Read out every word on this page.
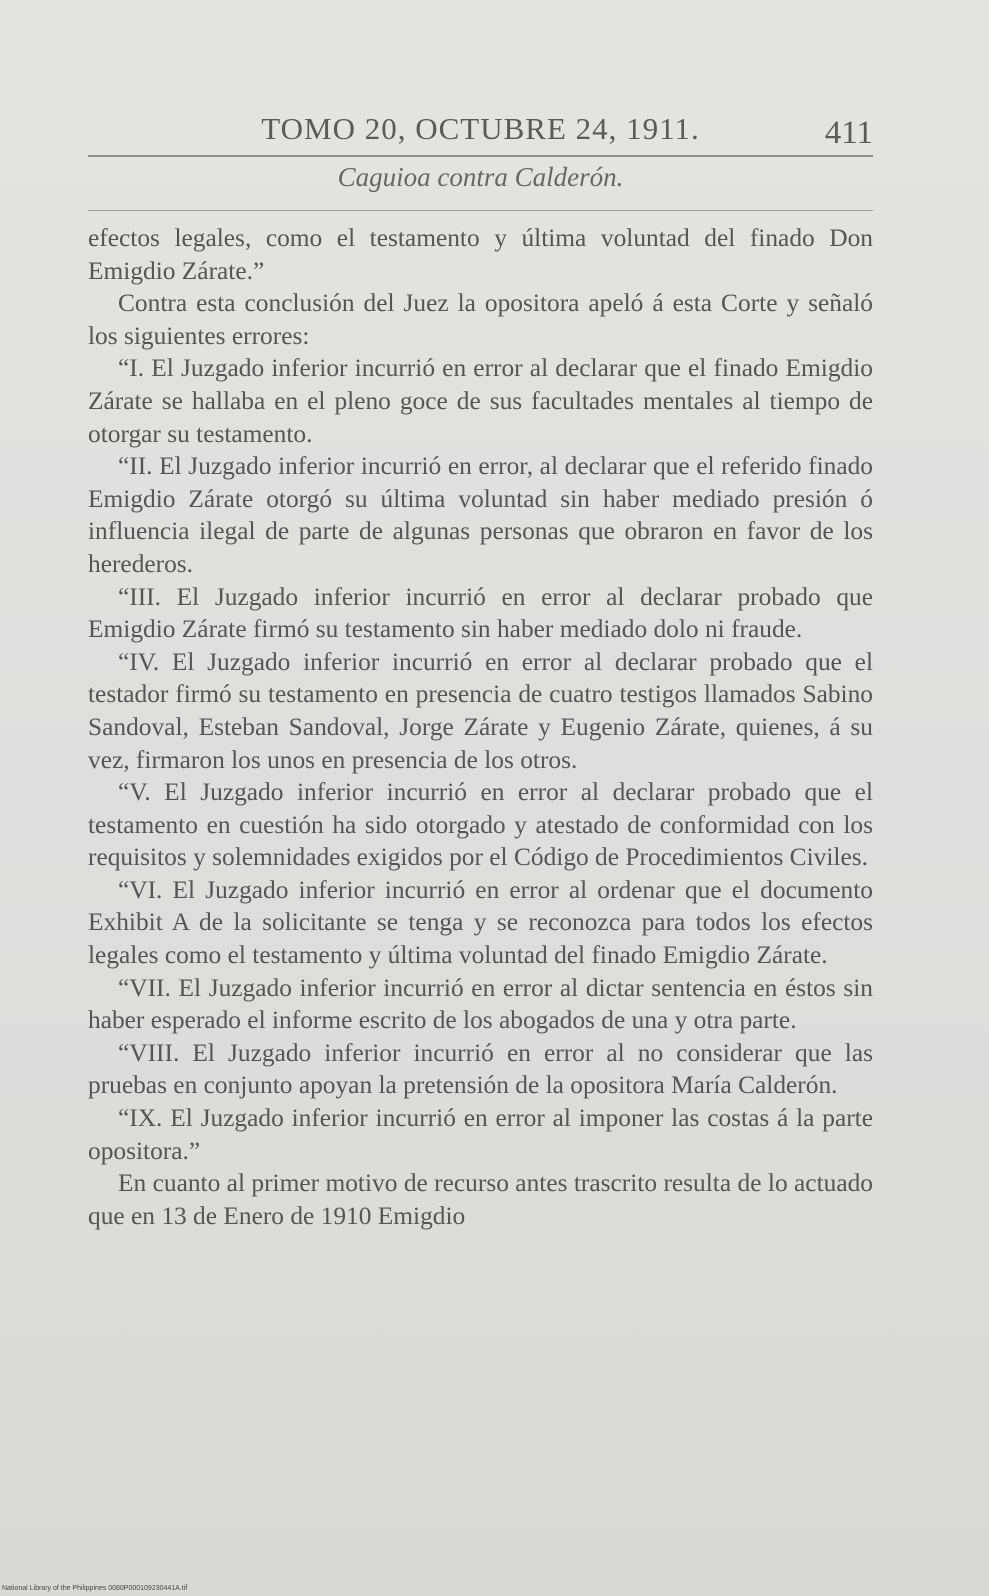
TOMO 20, OCTUBRE 24, 1911.	411
Caguioa contra Calderón.

efectos legales, como el testamento y última voluntad del finado Don Emigdio Zárate.”

Contra esta conclusión del Juez la opositora apeló á esta Corte y señaló los siguientes errores:

“I. El Juzgado inferior incurrió en error al declarar que el finado Emigdio Zárate se hallaba en el pleno goce de sus facultades mentales al tiempo de otorgar su testamento.

“II. El Juzgado inferior incurrió en error, al declarar que el referido finado Emigdio Zárate otorgó su última voluntad sin haber mediado presión ó influencia ilegal de parte de algunas personas que obraron en favor de los herederos.

“III. El Juzgado inferior incurrió en error al declarar probado que Emigdio Zárate firmó su testamento sin haber mediado dolo ni fraude.

“IV. El Juzgado inferior incurrió en error al declarar probado que el testador firmó su testamento en presencia de cuatro testigos llamados Sabino Sandoval, Esteban Sandoval, Jorge Zárate y Eugenio Zárate, quienes, á su vez, firmaron los unos en presencia de los otros.

“V. El Juzgado inferior incurrió en error al declarar probado que el testamento en cuestión ha sido otorgado y atestado de conformidad con los requisitos y solemnidades exigidos por el Código de Procedimientos Civiles.

“VI. El Juzgado inferior incurrió en error al ordenar que el documento Exhibit A de la solicitante se tenga y se reconozca para todos los efectos legales como el testamento y última voluntad del finado Emigdio Zárate.

“VII. El Juzgado inferior incurrió en error al dictar sentencia en éstos sin haber esperado el informe escrito de los abogados de una y otra parte.

“VIII. El Juzgado inferior incurrió en error al no considerar que las pruebas en conjunto apoyan la pretensión de la opositora María Calderón.

“IX. El Juzgado inferior incurrió en error al imponer las costas á la parte opositora.”

En cuanto al primer motivo de recurso antes trascrito resulta de lo actuado que en 13 de Enero de 1910 Emigdio

National Library of the Philippines 0080P000109230441A.tif
